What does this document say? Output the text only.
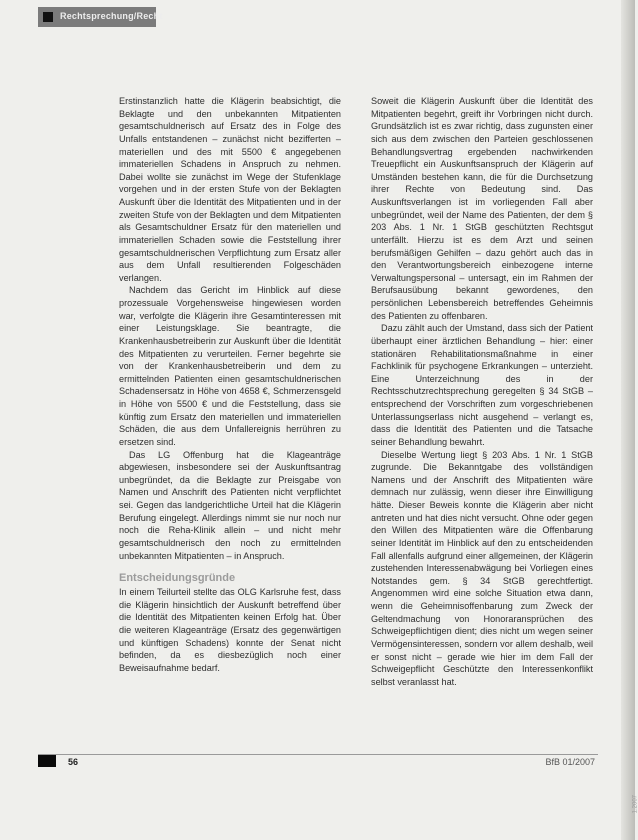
Rechtsprechung/Recht

Erstinstanzlich hatte die Klägerin beabsichtigt, die Beklagte und den unbekannten Mitpatienten gesamtschuldnerisch auf Ersatz des in Folge des Unfalls entstandenen – zunächst nicht bezifferten – materiellen und des mit 5500 € angegebenen immateriellen Schadens in Anspruch zu nehmen. Dabei wollte sie zunächst im Wege der Stufenklage vorgehen und in der ersten Stufe von der Beklagten Auskunft über die Identität des Mitpatienten und in der zweiten Stufe von der Beklagten und dem Mitpatienten als Gesamtschuldner Ersatz für den materiellen und immateriellen Schaden sowie die Feststellung ihrer gesamtschuldnerischen Verpflichtung zum Ersatz aller aus dem Unfall resultierenden Folgeschäden verlangen.

Nachdem das Gericht im Hinblick auf diese prozessuale Vorgehensweise hingewiesen worden war, verfolgte die Klägerin ihre Gesamtinteressen mit einer Leistungsklage. Sie beantragte, die Krankenhausbetreiberin zur Auskunft über die Identität des Mitpatienten zu verurteilen. Ferner begehrte sie von der Krankenhausbetreiberin und dem zu ermittelnden Patienten einen gesamtschuldnerischen Schadensersatz in Höhe von 4658 €, Schmerzensgeld in Höhe von 5500 € und die Feststellung, dass sie künftig zum Ersatz den materiellen und immateriellen Schäden, die aus dem Unfallereignis herrühren zu ersetzen sind.

Das LG Offenburg hat die Klageanträge abgewiesen, insbesondere sei der Auskunftsantrag unbegründet, da die Beklagte zur Preisgabe von Namen und Anschrift des Patienten nicht verpflichtet sei. Gegen das landgerichtliche Urteil hat die Klägerin Berufung eingelegt. Allerdings nimmt sie nur noch nur noch die Reha-Klinik allein – und nicht mehr gesamtschuldnerisch den noch zu ermittelnden unbekannten Mitpatienten – in Anspruch.

Entscheidungsgründe

In einem Teilurteil stellte das OLG Karlsruhe fest, dass die Klägerin hinsichtlich der Auskunft betreffend über die Identität des Mitpatienten keinen Erfolg hat. Über die weiteren Klageanträge (Ersatz des gegenwärtigen und künftigen Schadens) konnte der Senat nicht befinden, da es diesbezüglich noch einer Beweisaufnahme bedarf.

Soweit die Klägerin Auskunft über die Identität des Mitpatienten begehrt, greift ihr Vorbringen nicht durch. Grundsätzlich ist es zwar richtig, dass zugunsten einer sich aus dem zwischen den Parteien geschlossenen Behandlungsvertrag ergebenden nachwirkenden Treuepflicht ein Auskunftsanspruch der Klägerin auf Umständen bestehen kann, die für die Durchsetzung ihrer Rechte von Bedeutung sind. Das Auskunftsverlangen ist im vorliegenden Fall aber unbegründet, weil der Name des Patienten, der dem § 203 Abs. 1 Nr. 1 StGB geschützten Rechtsgut unterfällt. Hierzu ist es dem Arzt und seinen berufsmäßigen Gehilfen – dazu gehört auch das in den Verantwortungsbereich einbezogene interne Verwaltungspersonal – untersagt, ein im Rahmen der Berufsausübung bekannt gewordenes, den persönlichen Lebensbereich betreffendes Geheimnis des Patienten zu offenbaren.

Dazu zählt auch der Umstand, dass sich der Patient überhaupt einer ärztlichen Behandlung – hier: einer stationären Rehabilitationsmaßnahme in einer Fachklinik für psychogene Erkrankungen – unterzieht. Eine Unterzeichnung des in der Rechtsschutzrechtsprechung geregelten § 34 StGB – entsprechend der Vorschriften zum vorgeschriebenen Unterlassungserlass nicht ausgehend – verlangt es, dass die Identität des Patienten und die Tatsache seiner Behandlung bewahrt.

Dieselbe Wertung liegt § 203 Abs. 1 Nr. 1 StGB zugrunde. Die Bekanntgabe des vollständigen Namens und der Anschrift des Mitpatienten wäre demnach nur zulässig, wenn dieser ihre Einwilligung hätte. Dieser Beweis konnte die Klägerin aber nicht antreten und hat dies nicht versucht. Ohne oder gegen den Willen des Mitpatienten wäre die Offenbarung seiner Identität im Hinblick auf den zu entscheidenden Fall allenfalls aufgrund einer allgemeinen, der Klägerin zustehenden Interessenabwägung bei Vorliegen eines Notstandes gem. § 34 StGB gerechtfertigt. Angenommen wird eine solche Situation etwa dann, wenn die Geheimnisoffenbarung zum Zweck der Geltendmachung von Honoraransprüchen des Schweigepflichtigen dient; dies nicht um wegen seiner Vermögensinteressen, sondern vor allem deshalb, weil er sonst nicht – gerade wie hier im dem Fall der Schweigepflicht Geschützte den Interessenkonflikt selbst veranlasst hat.

56	BfB 01/2007
1.2007
